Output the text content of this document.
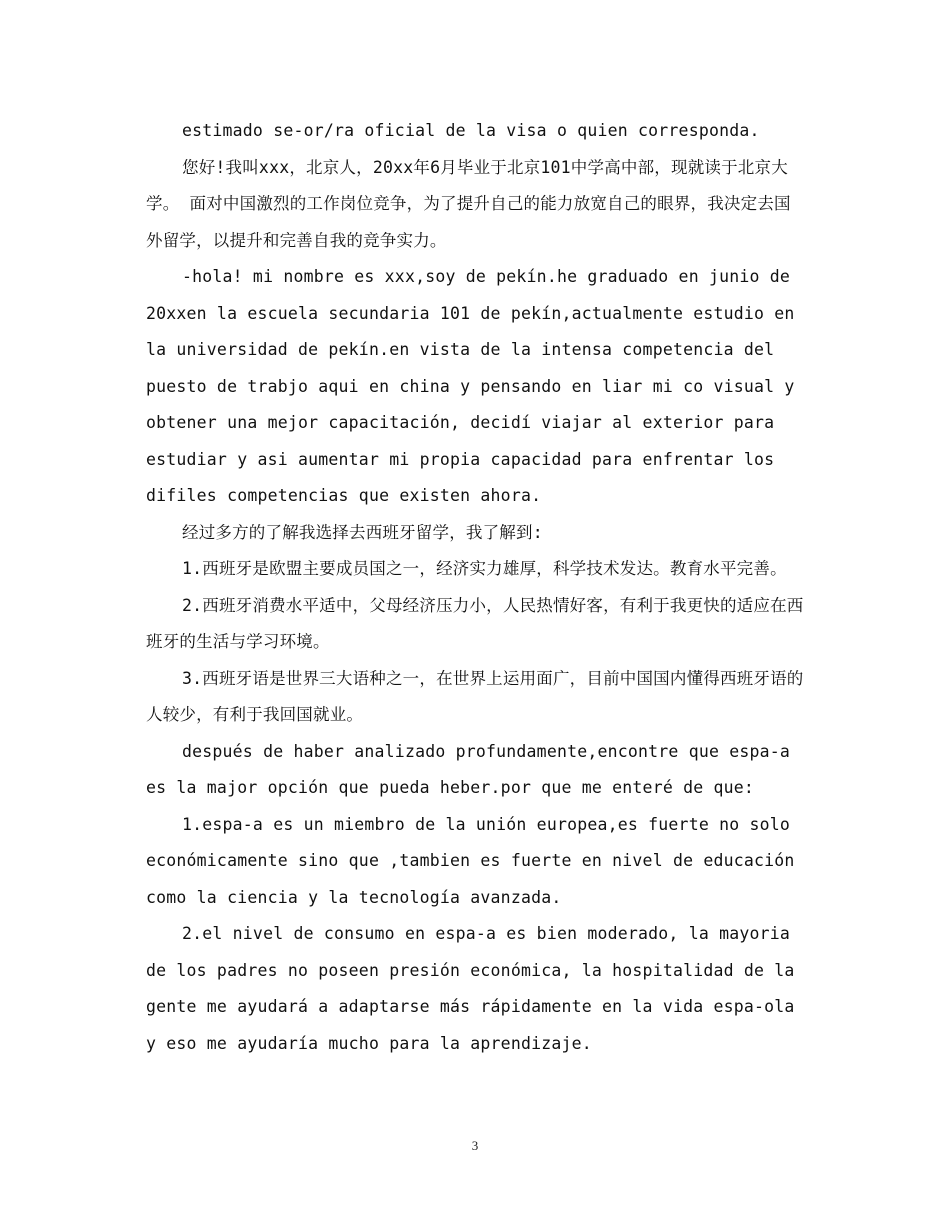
estimado se-or/ra oficial de la visa o quien corresponda.

您好!我叫xxx，北京人，20xx年6月毕业于北京101中学高中部，现就读于北京大学。 面对中国激烈的工作岗位竞争，为了提升自己的能力放宽自己的眼界，我决定去国外留学，以提升和完善自我的竞争实力。

-hola! mi nombre es xxx,soy de pekín.he graduado en junio de 20xxen la escuela secundaria 101 de pekín,actualmente estudio en la universidad de pekín.en vista de la intensa competencia del puesto de trabjo aqui en china y pensando en liar mi co visual y obtener una mejor capacitación, decidí viajar al exterior para estudiar y asi aumentar mi propia capacidad para enfrentar los difiles competencias que existen ahora.

经过多方的了解我选择去西班牙留学，我了解到:

1.西班牙是欧盟主要成员国之一，经济实力雄厚，科学技术发达。教育水平完善。

2.西班牙消费水平适中，父母经济压力小，人民热情好客，有利于我更快的适应在西班牙的生活与学习环境。

3.西班牙语是世界三大语种之一，在世界上运用面广，目前中国国内懂得西班牙语的人较少，有利于我回国就业。

después de haber analizado profundamente,encontre que espa-a es la major opción que pueda heber.por que me enteré de que:

1.espa-a es un miembro de la unión europea,es fuerte no solo económicamente sino que ,tambien es fuerte en nivel de educación como la ciencia y la tecnología avanzada.

2.el nivel de consumo en espa-a es bien moderado, la mayoria de los padres no poseen presión económica, la hospitalidad de la gente me ayudará a adaptarse más rápidamente en la vida espa-ola y eso me ayudaría mucho para la aprendizaje.

3
